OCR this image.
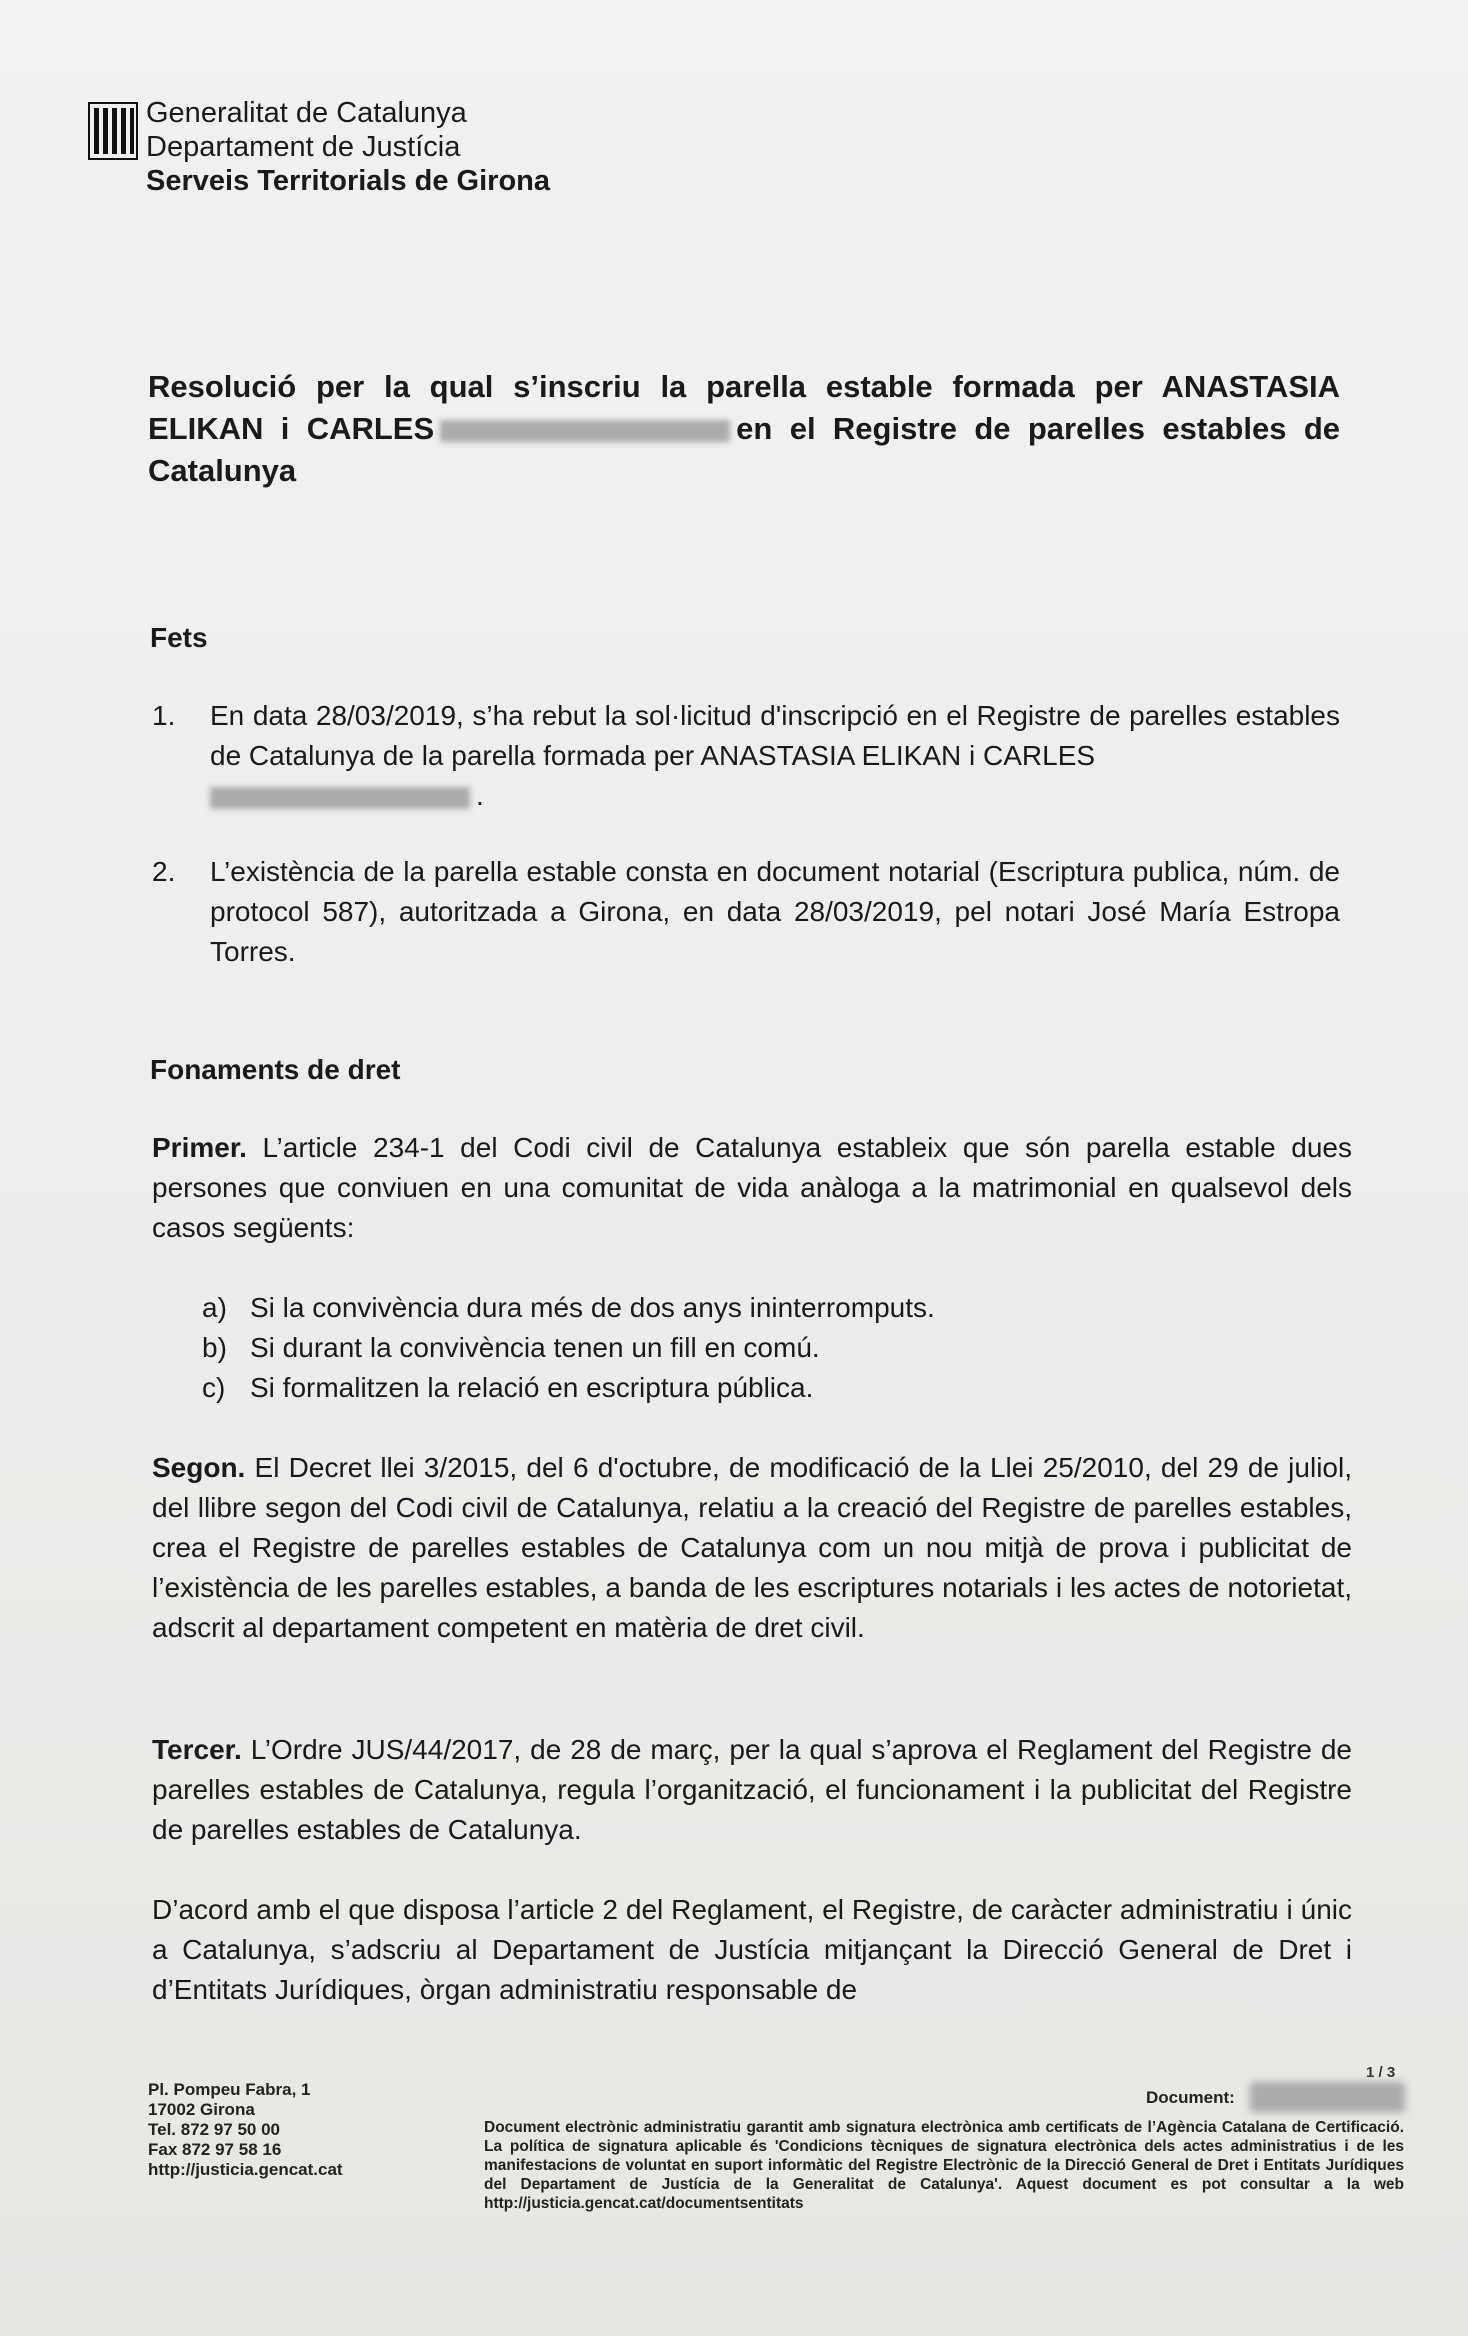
Generalitat de Catalunya
Departament de Justícia
Serveis Territorials de Girona
Resolució per la qual s’inscriu la parella estable formada per ANASTASIA ELIKAN i CARLES	en el Registre de parelles estables de Catalunya
Fets
1. En data 28/03/2019, s’ha rebut la sol·licitud d'inscripció en el Registre de parelles estables de Catalunya de la parella formada per ANASTASIA ELIKAN i CARLES
.
2. L’existència de la parella estable consta en document notarial (Escriptura publica, núm. de protocol 587), autoritzada a Girona, en data 28/03/2019, pel notari José María Estropa Torres.
Fonaments de dret
Primer. L’article 234-1 del Codi civil de Catalunya estableix que són parella estable dues persones que conviuen en una comunitat de vida anàloga a la matrimonial en qualsevol dels casos següents:
a) Si la convivència dura més de dos anys ininterromputs.
b) Si durant la convivència tenen un fill en comú.
c) Si formalitzen la relació en escriptura pública.
Segon. El Decret llei 3/2015, del 6 d'octubre, de modificació de la Llei 25/2010, del 29 de juliol, del llibre segon del Codi civil de Catalunya, relatiu a la creació del Registre de parelles estables, crea el Registre de parelles estables de Catalunya com un nou mitjà de prova i publicitat de l’existència de les parelles estables, a banda de les escriptures notarials i les actes de notorietat, adscrit al departament competent en matèria de dret civil.
Tercer. L’Ordre JUS/44/2017, de 28 de març, per la qual s’aprova el Reglament del Registre de parelles estables de Catalunya, regula l’organització, el funcionament i la publicitat del Registre de parelles estables de Catalunya.
D’acord amb el que disposa l’article 2 del Reglament, el Registre, de caràcter administratiu i únic a Catalunya, s’adscriu al Departament de Justícia mitjançant la Direcció General de Dret i d’Entitats Jurídiques, òrgan administratiu responsable de
Pl. Pompeu Fabra, 1
17002 Girona
Tel. 872 97 50 00
Fax 872 97 58 16
http://justicia.gencat.cat
1 / 3
Document:
Document electrònic administratiu garantit amb signatura electrònica amb certificats de l’Agència Catalana de Certificació. La política de signatura aplicable és 'Condicions tècniques de signatura electrònica dels actes administratius i de les manifestacions de voluntat en suport informàtic del Registre Electrònic de la Direcció General de Dret i Entitats Jurídiques del Departament de Justícia de la Generalitat de Catalunya'. Aquest document es pot consultar a la web http://justicia.gencat.cat/documentsentitats
